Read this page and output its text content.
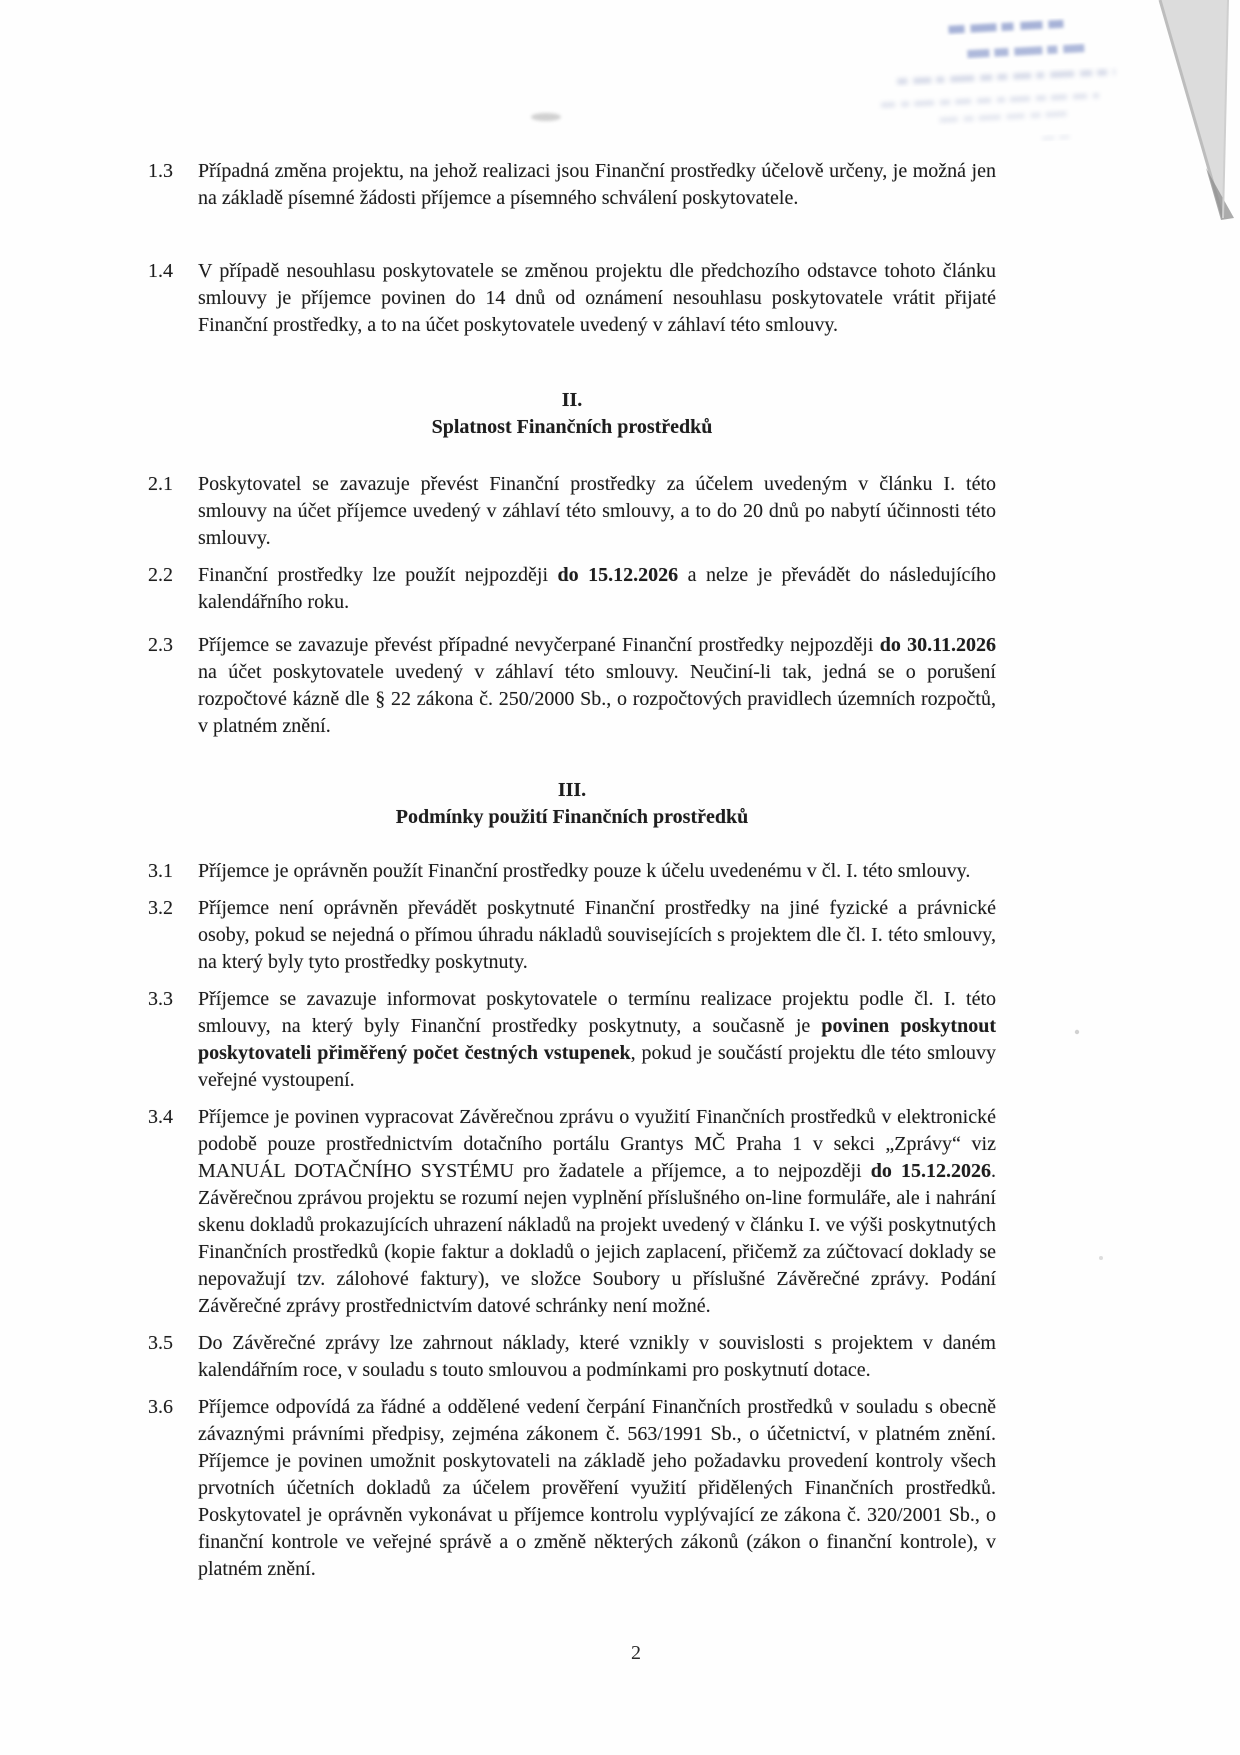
1.3	Případná změna projektu, na jehož realizaci jsou Finanční prostředky účelově určeny, je možná jen na základě písemné žádosti příjemce a písemného schválení poskytovatele.

1.4	V případě nesouhlasu poskytovatele se změnou projektu dle předchozího odstavce tohoto článku smlouvy je příjemce povinen do 14 dnů od oznámení nesouhlasu poskytovatele vrátit přijaté Finanční prostředky, a to na účet poskytovatele uvedený v záhlaví této smlouvy.

II.
Splatnost Finančních prostředků
2.1	Poskytovatel se zavazuje převést Finanční prostředky za účelem uvedeným v článku I. této smlouvy na účet příjemce uvedený v záhlaví této smlouvy, a to do 20 dnů po nabytí účinnosti této smlouvy.

2.2	Finanční prostředky lze použít nejpozději do 15.12.2026 a nelze je převádět do následujícího kalendářního roku.

2.3	Příjemce se zavazuje převést případné nevyčerpané Finanční prostředky nejpozději do 30.11.2026 na účet poskytovatele uvedený v záhlaví této smlouvy. Neučiní-li tak, jedná se o porušení rozpočtové kázně dle § 22 zákona č. 250/2000 Sb., o rozpočtových pravidlech územních rozpočtů, v platném znění.

III.
Podmínky použití Finančních prostředků
3.1	Příjemce je oprávněn použít Finanční prostředky pouze k účelu uvedenému v čl. I. této smlouvy.

3.2	Příjemce není oprávněn převádět poskytnuté Finanční prostředky na jiné fyzické a právnické osoby, pokud se nejedná o přímou úhradu nákladů souvisejících s projektem dle čl. I. této smlouvy, na který byly tyto prostředky poskytnuty.

3.3	Příjemce se zavazuje informovat poskytovatele o termínu realizace projektu podle čl. I. této smlouvy, na který byly Finanční prostředky poskytnuty, a současně je povinen poskytnout poskytovateli přiměřený počet čestných vstupenek, pokud je součástí projektu dle této smlouvy veřejné vystoupení.

3.4	Příjemce je povinen vypracovat Závěrečnou zprávu o využití Finančních prostředků v elektronické podobě pouze prostřednictvím dotačního portálu Grantys MČ Praha 1 v sekci „Zprávy“ viz MANUÁL DOTAČNÍHO SYSTÉMU pro žadatele a příjemce, a to nejpozději do 15.12.2026. Závěrečnou zprávou projektu se rozumí nejen vyplnění příslušného on-line formuláře, ale i nahrání skenu dokladů prokazujících uhrazení nákladů na projekt uvedený v článku I. ve výši poskytnutých Finančních prostředků (kopie faktur a dokladů o jejich zaplacení, přičemž za zúčtovací doklady se nepovažují tzv. zálohové faktury), ve složce Soubory u příslušné Závěrečné zprávy. Podání Závěrečné zprávy prostřednictvím datové schránky není možné.

3.5	Do Závěrečné zprávy lze zahrnout náklady, které vznikly v souvislosti s projektem v daném kalendářním roce, v souladu s touto smlouvou a podmínkami pro poskytnutí dotace.

3.6	Příjemce odpovídá za řádné a oddělené vedení čerpání Finančních prostředků v souladu s obecně závaznými právními předpisy, zejména zákonem č. 563/1991 Sb., o účetnictví, v platném znění. Příjemce je povinen umožnit poskytovateli na základě jeho požadavku provedení kontroly všech prvotních účetních dokladů za účelem prověření využití přidělených Finančních prostředků. Poskytovatel je oprávněn vykonávat u příjemce kontrolu vyplývající ze zákona č. 320/2001 Sb., o finanční kontrole ve veřejné správě a o změně některých zákonů (zákon o finanční kontrole), v platném znění.

2
